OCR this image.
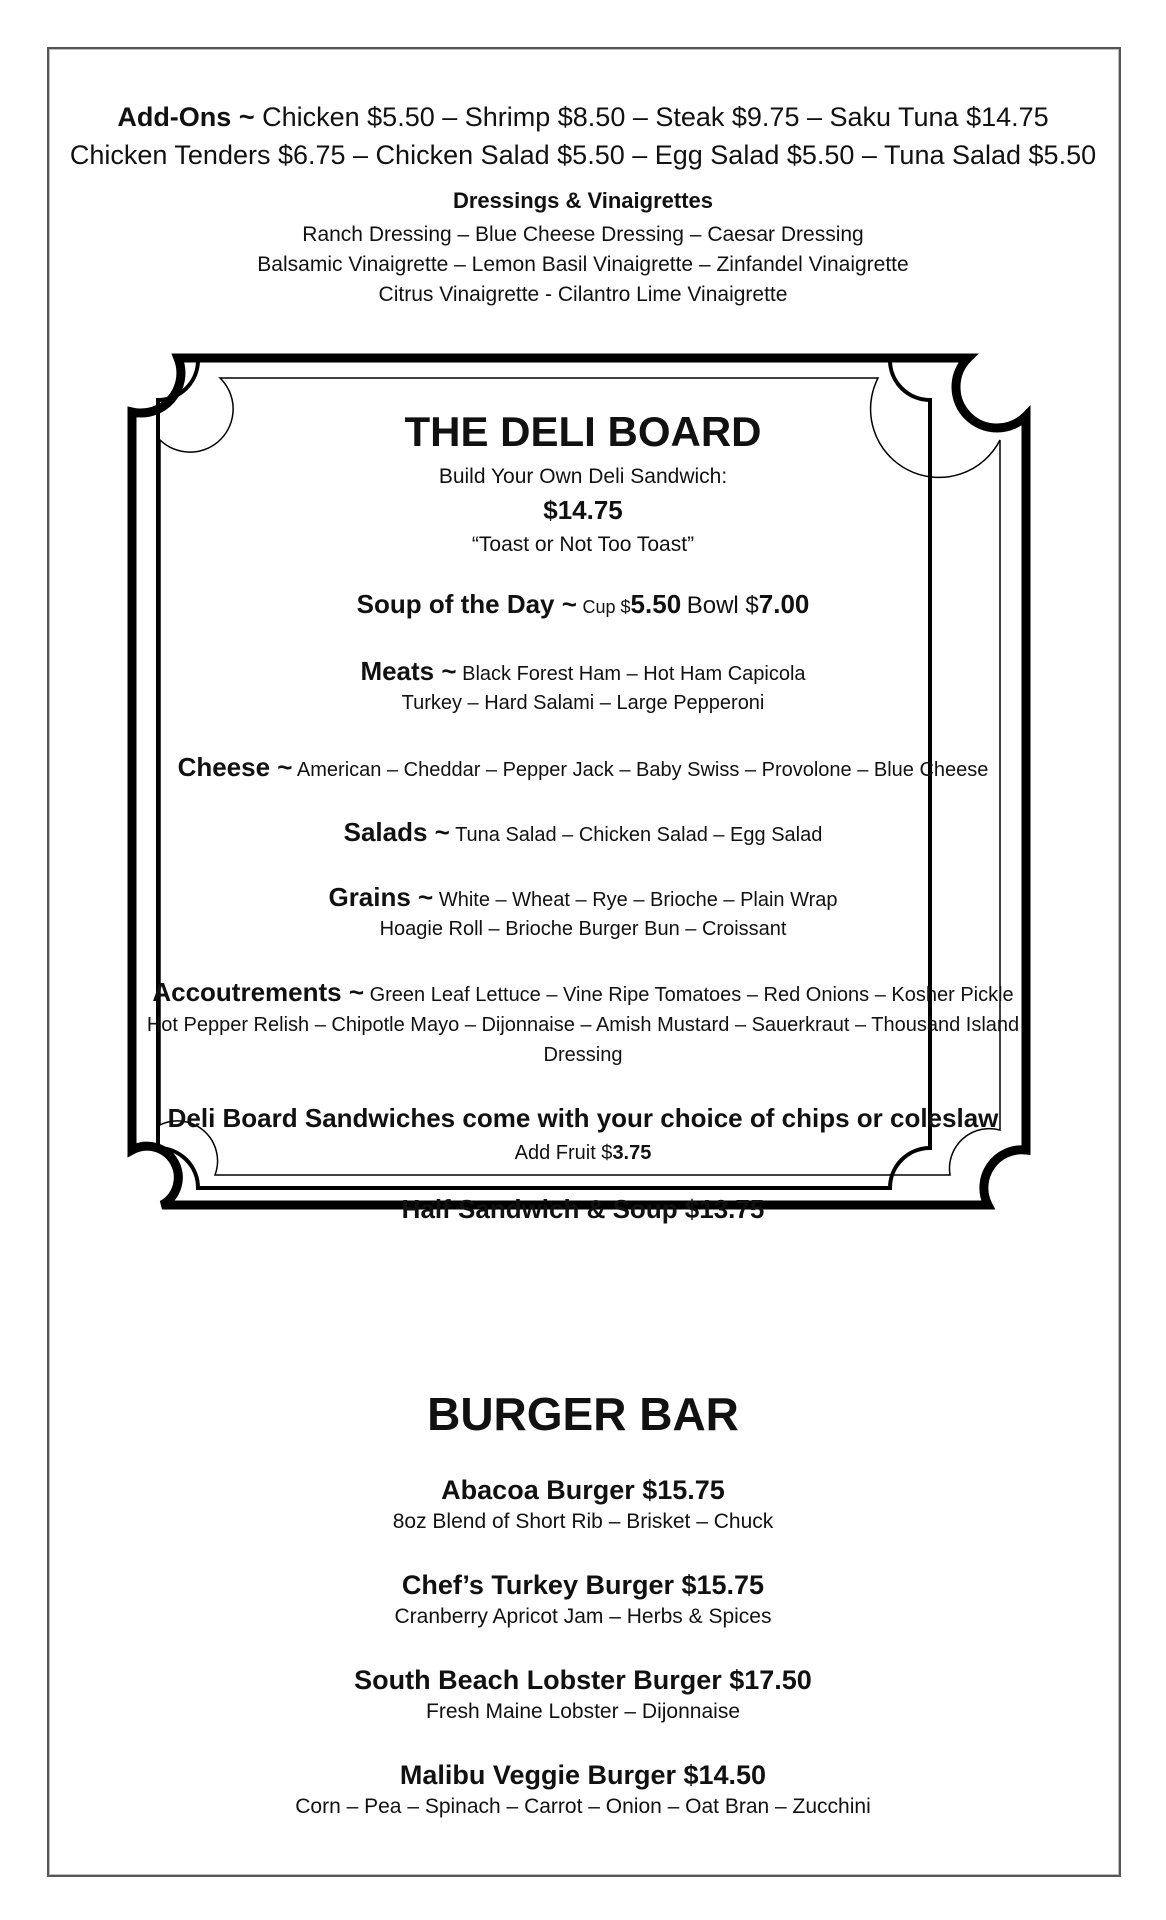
Add-Ons ~ Chicken $5.50 – Shrimp $8.50 – Steak $9.75 – Saku Tuna $14.75
Chicken Tenders $6.75 – Chicken Salad $5.50 – Egg Salad $5.50 – Tuna Salad $5.50
Dressings & Vinaigrettes
Ranch Dressing – Blue Cheese Dressing – Caesar Dressing
Balsamic Vinaigrette – Lemon Basil Vinaigrette – Zinfandel Vinaigrette
Citrus Vinaigrette - Cilantro Lime Vinaigrette
THE DELI BOARD
Build Your Own Deli Sandwich:
$14.75
“Toast or Not Too Toast”
Soup of the Day ~ Cup $5.50 Bowl $7.00
Meats ~ Black Forest Ham – Hot Ham Capicola
Turkey – Hard Salami – Large Pepperoni
Cheese ~ American – Cheddar – Pepper Jack – Baby Swiss – Provolone – Blue Cheese
Salads ~ Tuna Salad – Chicken Salad – Egg Salad
Grains ~ White – Wheat – Rye – Brioche – Plain Wrap
Hoagie Roll – Brioche Burger Bun – Croissant
Accoutrements ~ Green Leaf Lettuce – Vine Ripe Tomatoes – Red Onions – Kosher Pickle
Hot Pepper Relish – Chipotle Mayo – Dijonnaise – Amish Mustard – Sauerkraut – Thousand Island
Dressing
Deli Board Sandwiches come with your choice of chips or coleslaw
Add Fruit $3.75
Half Sandwich & Soup $13.75
BURGER BAR
Abacoa Burger $15.75
8oz Blend of Short Rib – Brisket – Chuck
Chef’s Turkey Burger $15.75
Cranberry Apricot Jam – Herbs & Spices
South Beach Lobster Burger $17.50
Fresh Maine Lobster – Dijonnaise
Malibu Veggie Burger $14.50
Corn – Pea – Spinach – Carrot – Onion – Oat Bran – Zucchini
